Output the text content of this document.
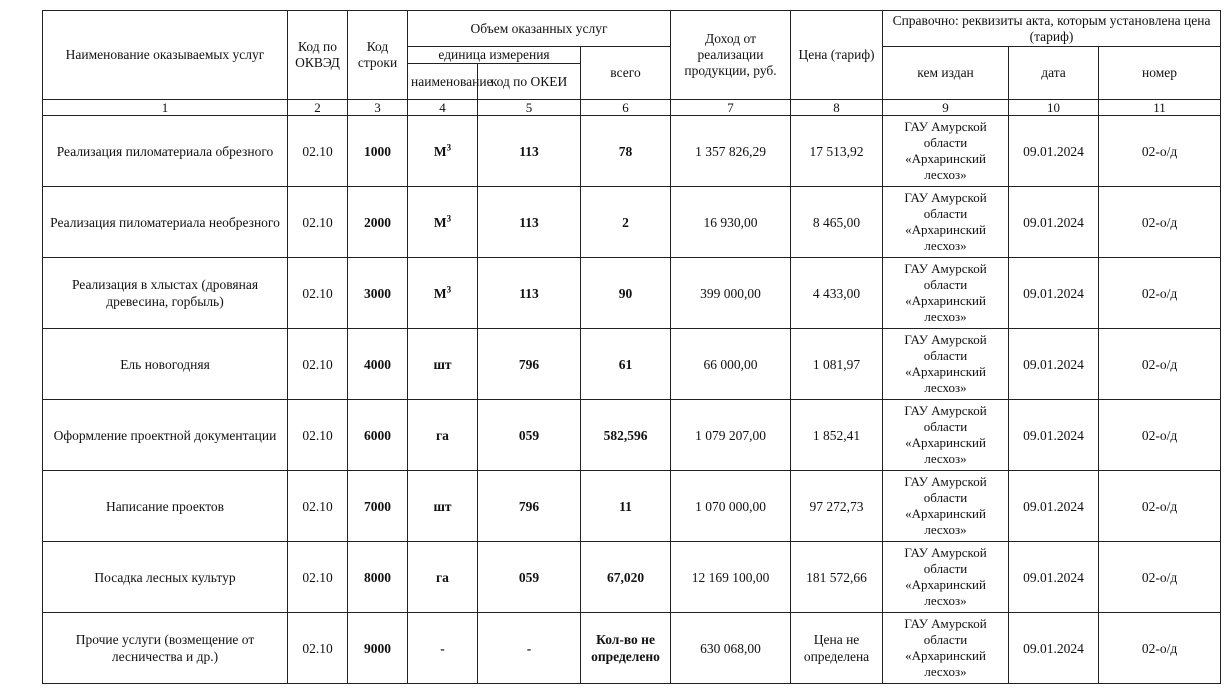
Наименование оказываемых услуг	Код по ОКВЭД	Код строки	Объем оказанных услуг			Доход от реализации продукции, руб.	Цена (тариф)	Справочно: реквизиты акта, которым установлена цена (тариф)		
			единица измерения		всего			кем издан	дата	номер
			наименование	код по ОКЕИ						
1	2	3	4	5	6	7	8	9	10	11
Реализация пиломатериала обрезного	02.10	1000	$М^3$	113	78	1 357 826,29	17 513,92	ГАУ Амурской области «Архаринский лесхоз»	09.01.2024	02-о/д
Реализация пиломатериала необрезного	02.10	2000	$М^3$	113	2	16 930,00	8 465,00	ГАУ Амурской области «Архаринский лесхоз»	09.01.2024	02-о/д
Реализация в хлыстах (дровяная древесина, горбыль)	02.10	3000	$М^3$	113	90	399 000,00	4 433,00	ГАУ Амурской области «Архаринский лесхоз»	09.01.2024	02-о/д
Ель новогодняя	02.10	4000	шт	796	61	66 000,00	1 081,97	ГАУ Амурской области «Архаринский лесхоз»	09.01.2024	02-о/д
Оформление проектной документации	02.10	6000	га	059	582,596	1 079 207,00	1 852,41	ГАУ Амурской области «Архаринский лесхоз»	09.01.2024	02-о/д
Написание проектов	02.10	7000	шт	796	11	1 070 000,00	97 272,73	ГАУ Амурской области «Архаринский лесхоз»	09.01.2024	02-о/д
Посадка лесных культур	02.10	8000	га	059	67,020	12 169 100,00	181 572,66	ГАУ Амурской области «Архаринский лесхоз»	09.01.2024	02-о/д
Прочие услуги (возмещение от лесничества и др.)	02.10	9000	-	-	Кол-во не определено	630 068,00	Цена не определена	ГАУ Амурской области «Архаринский лесхоз»	09.01.2024	02-о/д
